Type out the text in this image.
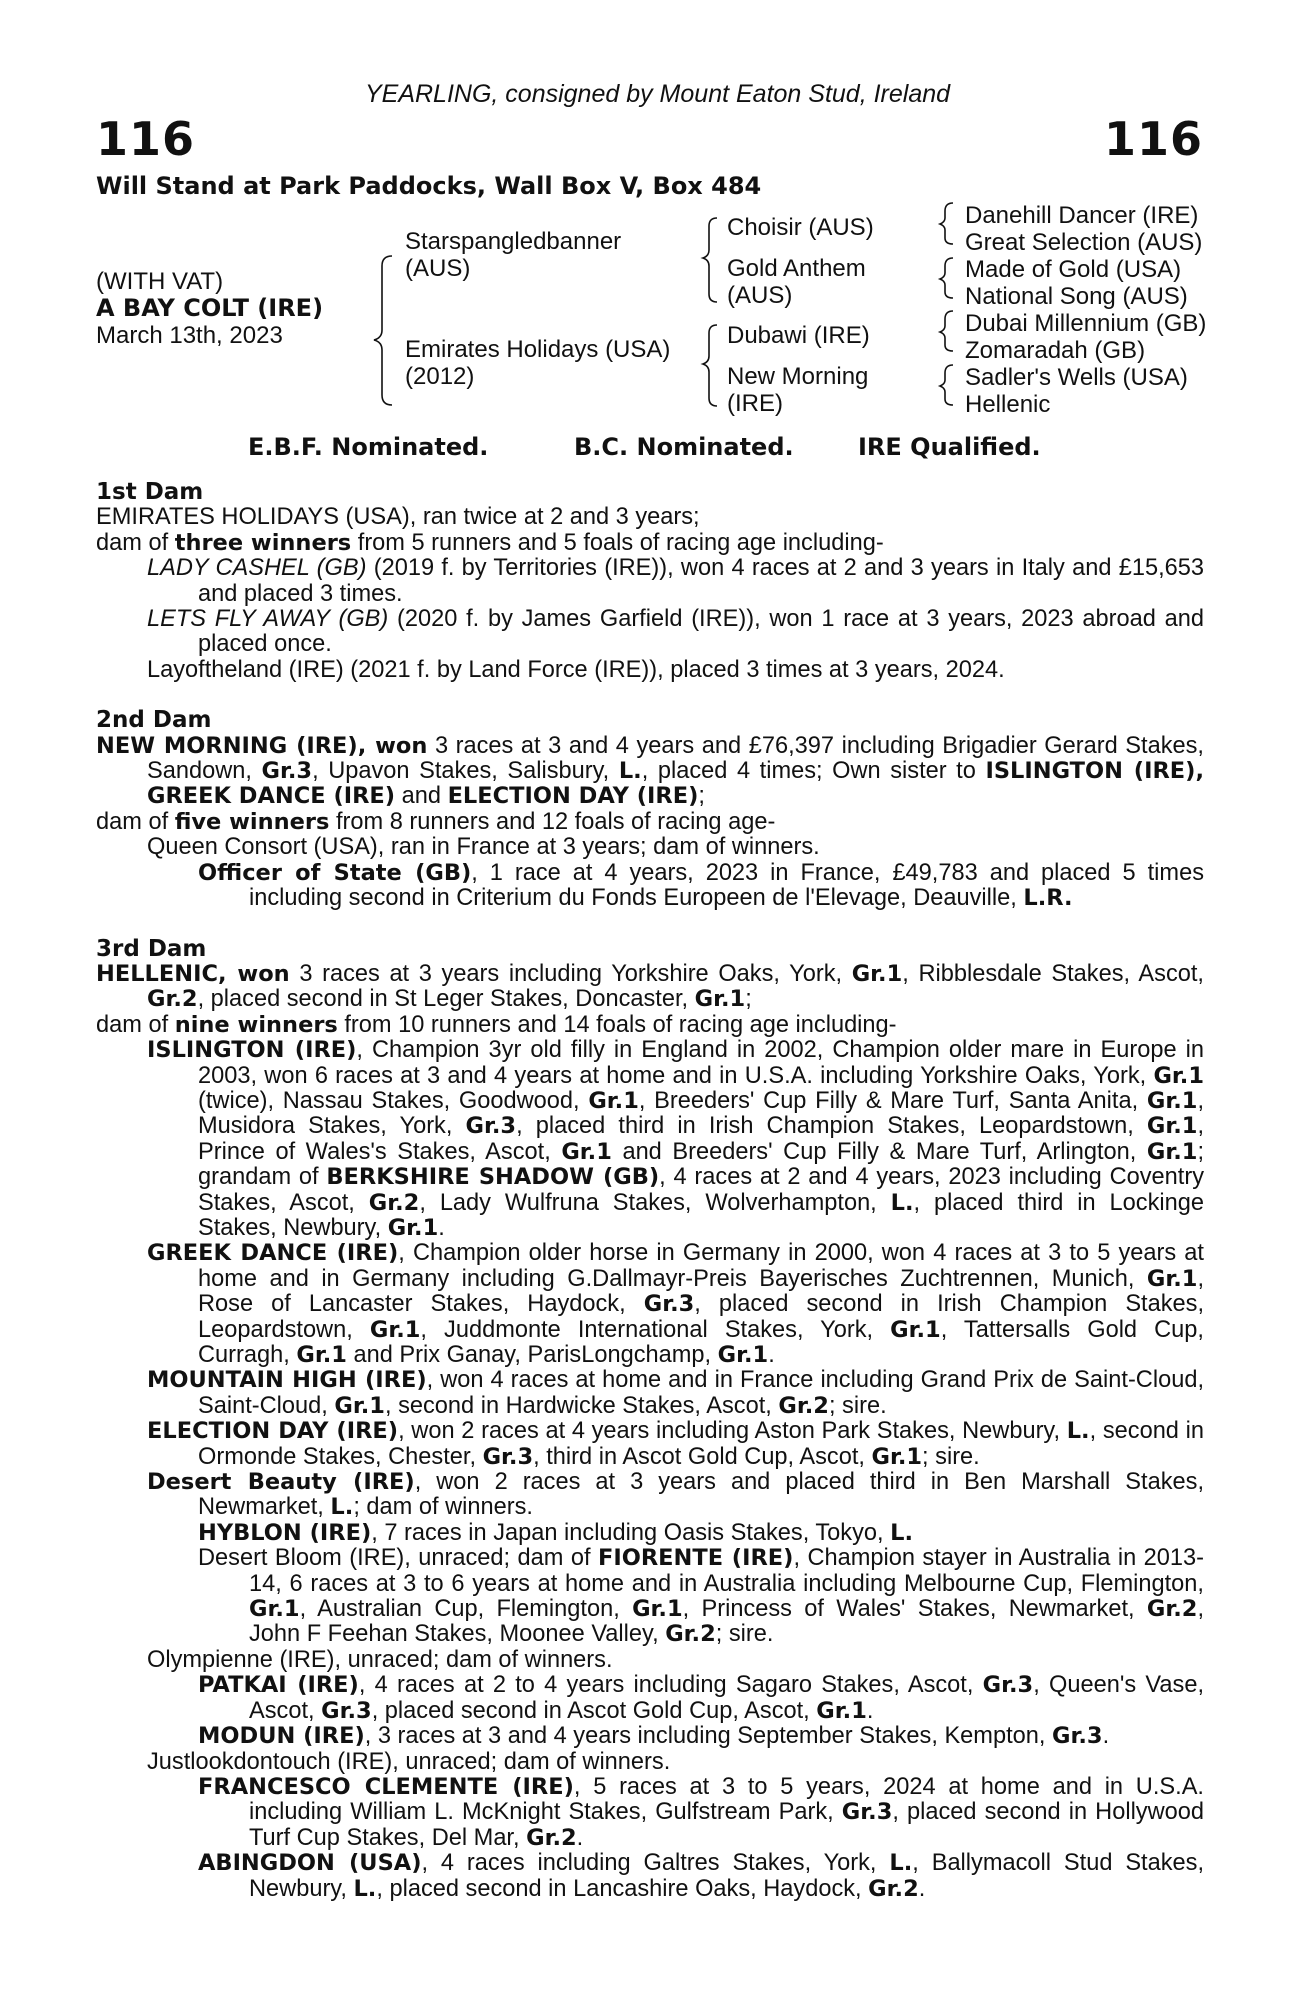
YEARLING, consigned by Mount Eaton Stud, Ireland
116	116
Will Stand at Park Paddocks, Wall Box V, Box 484
(WITH VAT)
A BAY COLT (IRE)
March 13th, 2023
Starspangledbanner
(AUS)
Emirates Holidays (USA)
(2012)
Choisir (AUS)
Gold Anthem
(AUS)
Dubawi (IRE)
New Morning
(IRE)
Danehill Dancer (IRE)
Great Selection (AUS)
Made of Gold (USA)
National Song (AUS)
Dubai Millennium (GB)
Zomaradah (GB)
Sadler's Wells (USA)
Hellenic
E.B.F. Nominated.	B.C. Nominated.	IRE Qualified.
1st Dam

EMIRATES HOLIDAYS (USA), ran twice at 2 and 3 years;

dam of three winners from 5 runners and 5 foals of racing age including-

LADY CASHEL (GB) (2019 f. by Territories (IRE)), won 4 races at 2 and 3 years in Italy and £15,653 and placed 3 times.

LETS FLY AWAY (GB) (2020 f. by James Garfield (IRE)), won 1 race at 3 years, 2023 abroad and placed once.

Layoftheland (IRE) (2021 f. by Land Force (IRE)), placed 3 times at 3 years, 2024.

2nd Dam

NEW MORNING (IRE), won 3 races at 3 and 4 years and £76,397 including Brigadier Gerard Stakes, Sandown, Gr.3, Upavon Stakes, Salisbury, L., placed 4 times; Own sister to ISLINGTON (IRE), GREEK DANCE (IRE) and ELECTION DAY (IRE);

dam of five winners from 8 runners and 12 foals of racing age-

Queen Consort (USA), ran in France at 3 years; dam of winners.

Officer of State (GB), 1 race at 4 years, 2023 in France, £49,783 and placed 5 times including second in Criterium du Fonds Europeen de l'Elevage, Deauville, L.R.

3rd Dam

HELLENIC, won 3 races at 3 years including Yorkshire Oaks, York, Gr.1, Ribblesdale Stakes, Ascot, Gr.2, placed second in St Leger Stakes, Doncaster, Gr.1;

dam of nine winners from 10 runners and 14 foals of racing age including-

ISLINGTON (IRE), Champion 3yr old filly in England in 2002, Champion older mare in Europe in 2003, won 6 races at 3 and 4 years at home and in U.S.A. including Yorkshire Oaks, York, Gr.1 (twice), Nassau Stakes, Goodwood, Gr.1, Breeders' Cup Filly & Mare Turf, Santa Anita, Gr.1, Musidora Stakes, York, Gr.3, placed third in Irish Champion Stakes, Leopardstown, Gr.1, Prince of Wales's Stakes, Ascot, Gr.1 and Breeders' Cup Filly & Mare Turf, Arlington, Gr.1; grandam of BERKSHIRE SHADOW (GB), 4 races at 2 and 4 years, 2023 including Coventry Stakes, Ascot, Gr.2, Lady Wulfruna Stakes, Wolverhampton, L., placed third in Lockinge Stakes, Newbury, Gr.1.

GREEK DANCE (IRE), Champion older horse in Germany in 2000, won 4 races at 3 to 5 years at home and in Germany including G.Dallmayr-Preis Bayerisches Zuchtrennen, Munich, Gr.1, Rose of Lancaster Stakes, Haydock, Gr.3, placed second in Irish Champion Stakes, Leopardstown, Gr.1, Juddmonte International Stakes, York, Gr.1, Tattersalls Gold Cup, Curragh, Gr.1 and Prix Ganay, ParisLongchamp, Gr.1.

MOUNTAIN HIGH (IRE), won 4 races at home and in France including Grand Prix de Saint-Cloud, Saint-Cloud, Gr.1, second in Hardwicke Stakes, Ascot, Gr.2; sire.

ELECTION DAY (IRE), won 2 races at 4 years including Aston Park Stakes, Newbury, L., second in Ormonde Stakes, Chester, Gr.3, third in Ascot Gold Cup, Ascot, Gr.1; sire.

Desert Beauty (IRE), won 2 races at 3 years and placed third in Ben Marshall Stakes, Newmarket, L.; dam of winners.

HYBLON (IRE), 7 races in Japan including Oasis Stakes, Tokyo, L.

Desert Bloom (IRE), unraced; dam of FIORENTE (IRE), Champion stayer in Australia in 2013-14, 6 races at 3 to 6 years at home and in Australia including Melbourne Cup, Flemington, Gr.1, Australian Cup, Flemington, Gr.1, Princess of Wales' Stakes, Newmarket, Gr.2, John F Feehan Stakes, Moonee Valley, Gr.2; sire.

Olympienne (IRE), unraced; dam of winners.

PATKAI (IRE), 4 races at 2 to 4 years including Sagaro Stakes, Ascot, Gr.3, Queen's Vase, Ascot, Gr.3, placed second in Ascot Gold Cup, Ascot, Gr.1.

MODUN (IRE), 3 races at 3 and 4 years including September Stakes, Kempton, Gr.3.

Justlookdontouch (IRE), unraced; dam of winners.

FRANCESCO CLEMENTE (IRE), 5 races at 3 to 5 years, 2024 at home and in U.S.A. including William L. McKnight Stakes, Gulfstream Park, Gr.3, placed second in Hollywood Turf Cup Stakes, Del Mar, Gr.2.

ABINGDON (USA), 4 races including Galtres Stakes, York, L., Ballymacoll Stud Stakes, Newbury, L., placed second in Lancashire Oaks, Haydock, Gr.2.
